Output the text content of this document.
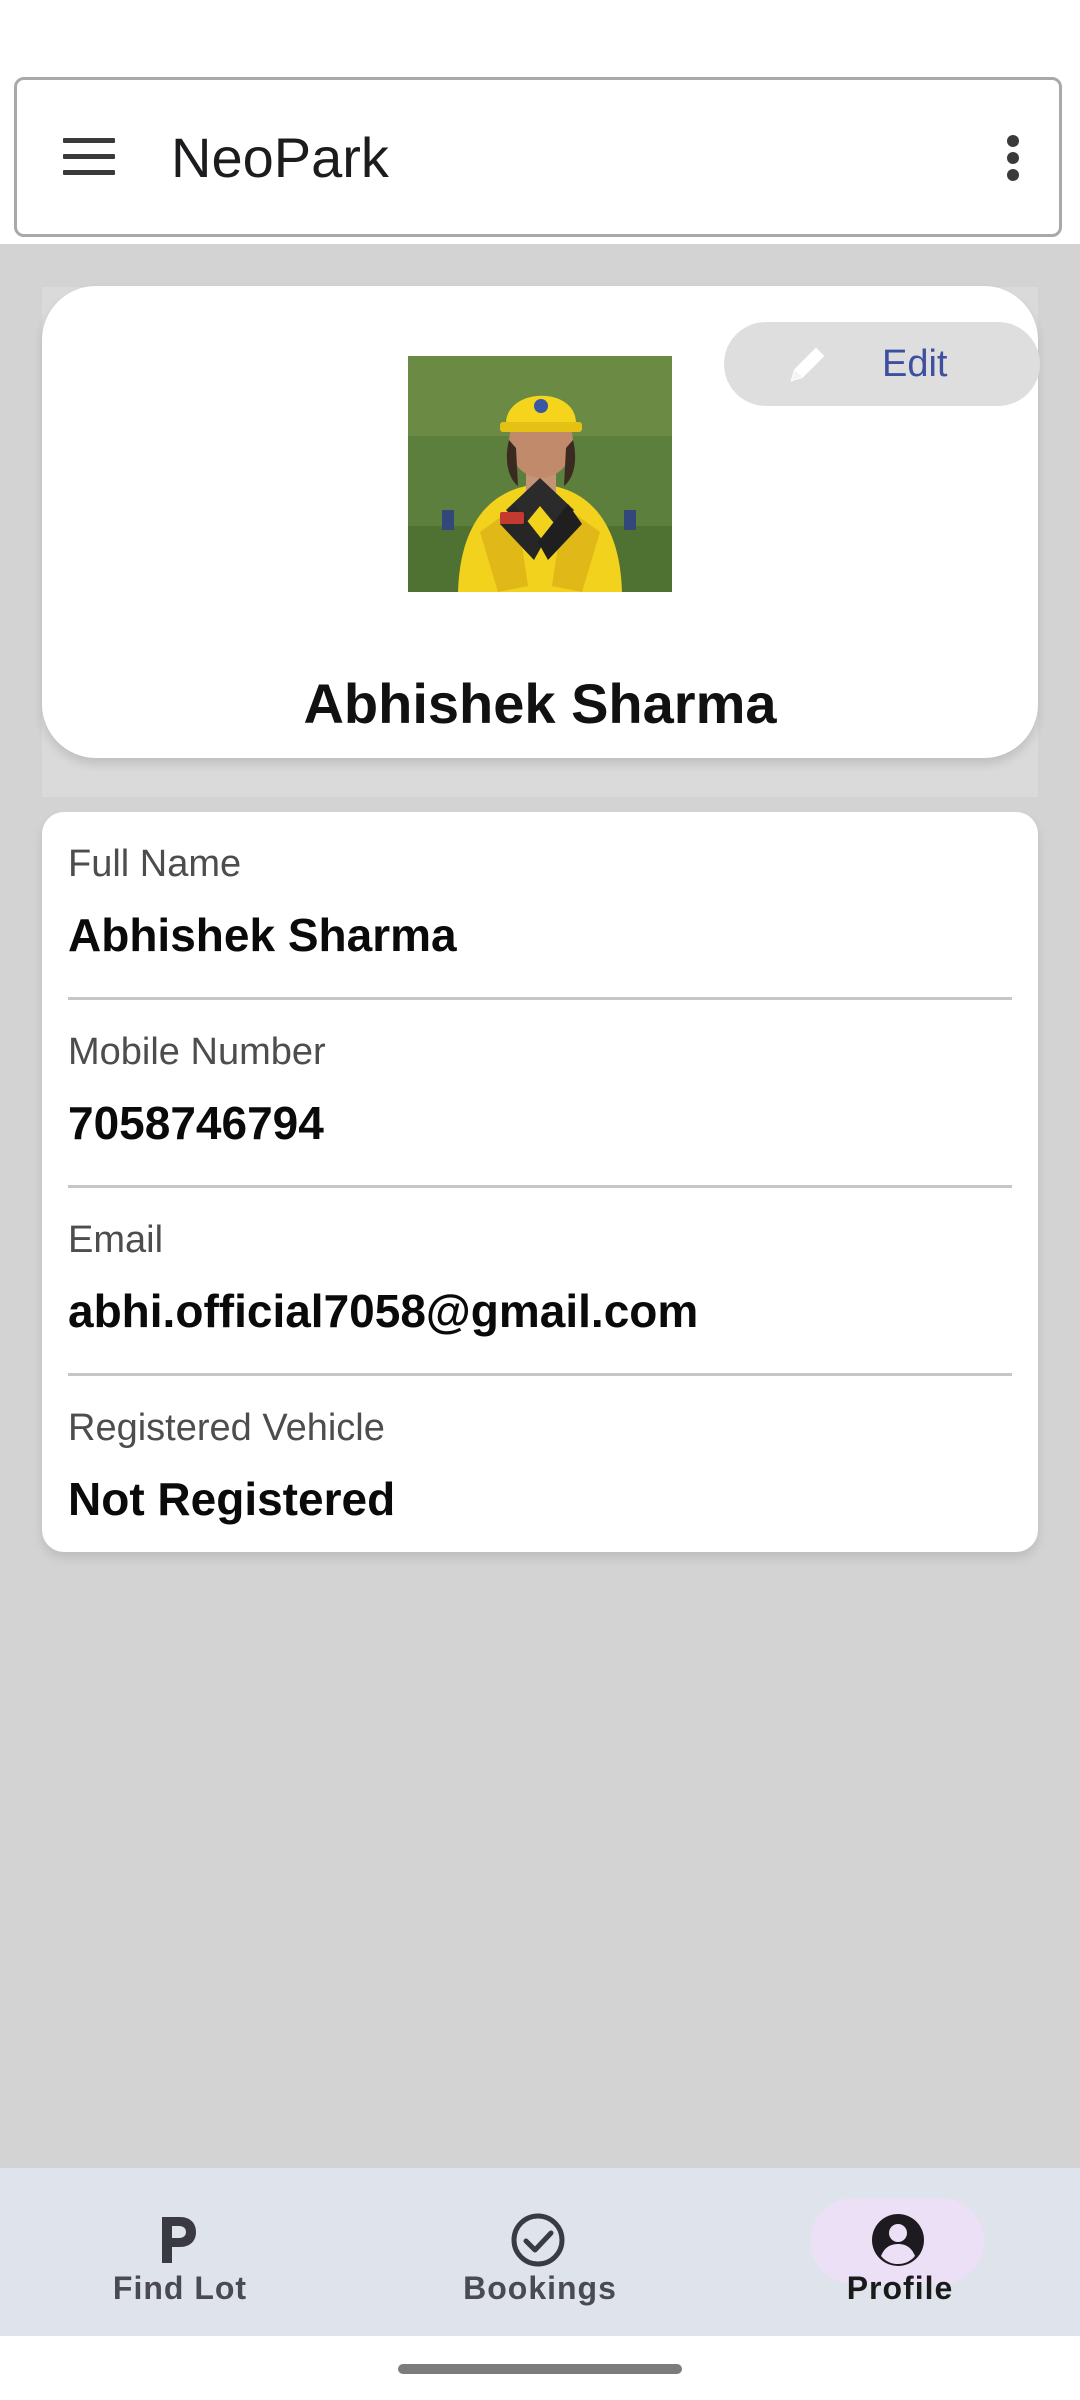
NeoPark
Edit
Abhishek Sharma
Full Name
Abhishek Sharma
Mobile Number
7058746794
Email
abhi.official7058@gmail.com
Registered Vehicle
Not Registered
Find Lot	Bookings	Profile
